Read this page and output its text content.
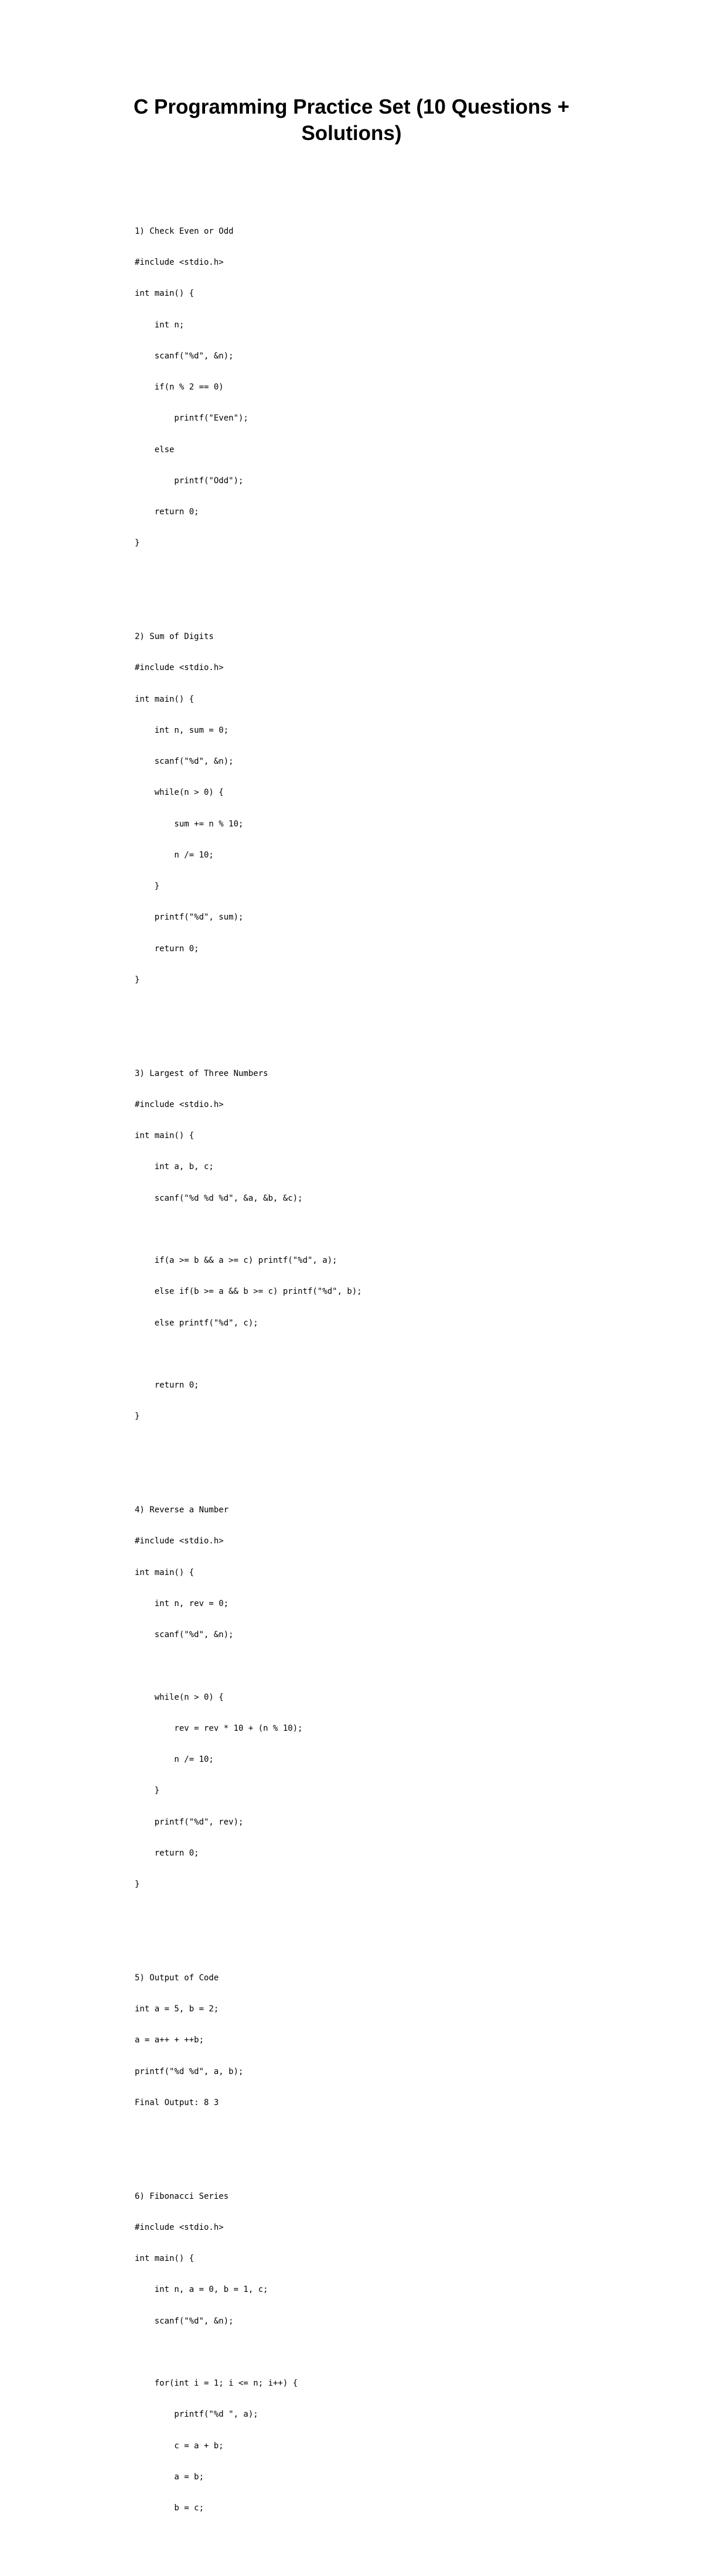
C Programming Practice Set (10 Questions + Solutions)

1) Check Even or Odd

#include <stdio.h>

int main() {

int n;

scanf("%d", &n);

if(n % 2 == 0)

printf("Even");

else

printf("Odd");

return 0;

}

2) Sum of Digits

#include <stdio.h>

int main() {

int n, sum = 0;

scanf("%d", &n);

while(n > 0) {

sum += n % 10;

n /= 10;

}

printf("%d", sum);

return 0;

}

3) Largest of Three Numbers

#include <stdio.h>

int main() {

int a, b, c;

scanf("%d %d %d", &a, &b, &c);

if(a >= b && a >= c) printf("%d", a);

else if(b >= a && b >= c) printf("%d", b);

else printf("%d", c);

return 0;

}

4) Reverse a Number

#include <stdio.h>

int main() {

int n, rev = 0;

scanf("%d", &n);

while(n > 0) {

rev = rev * 10 + (n % 10);

n /= 10;

}

printf("%d", rev);

return 0;

}

5) Output of Code

int a = 5, b = 2;

a = a++ + ++b;

printf("%d %d", a, b);

Final Output: 8 3

6) Fibonacci Series

#include <stdio.h>

int main() {

int n, a = 0, b = 1, c;

scanf("%d", &n);

for(int i = 1; i <= n; i++) {

printf("%d ", a);

c = a + b;

a = b;

b = c;
